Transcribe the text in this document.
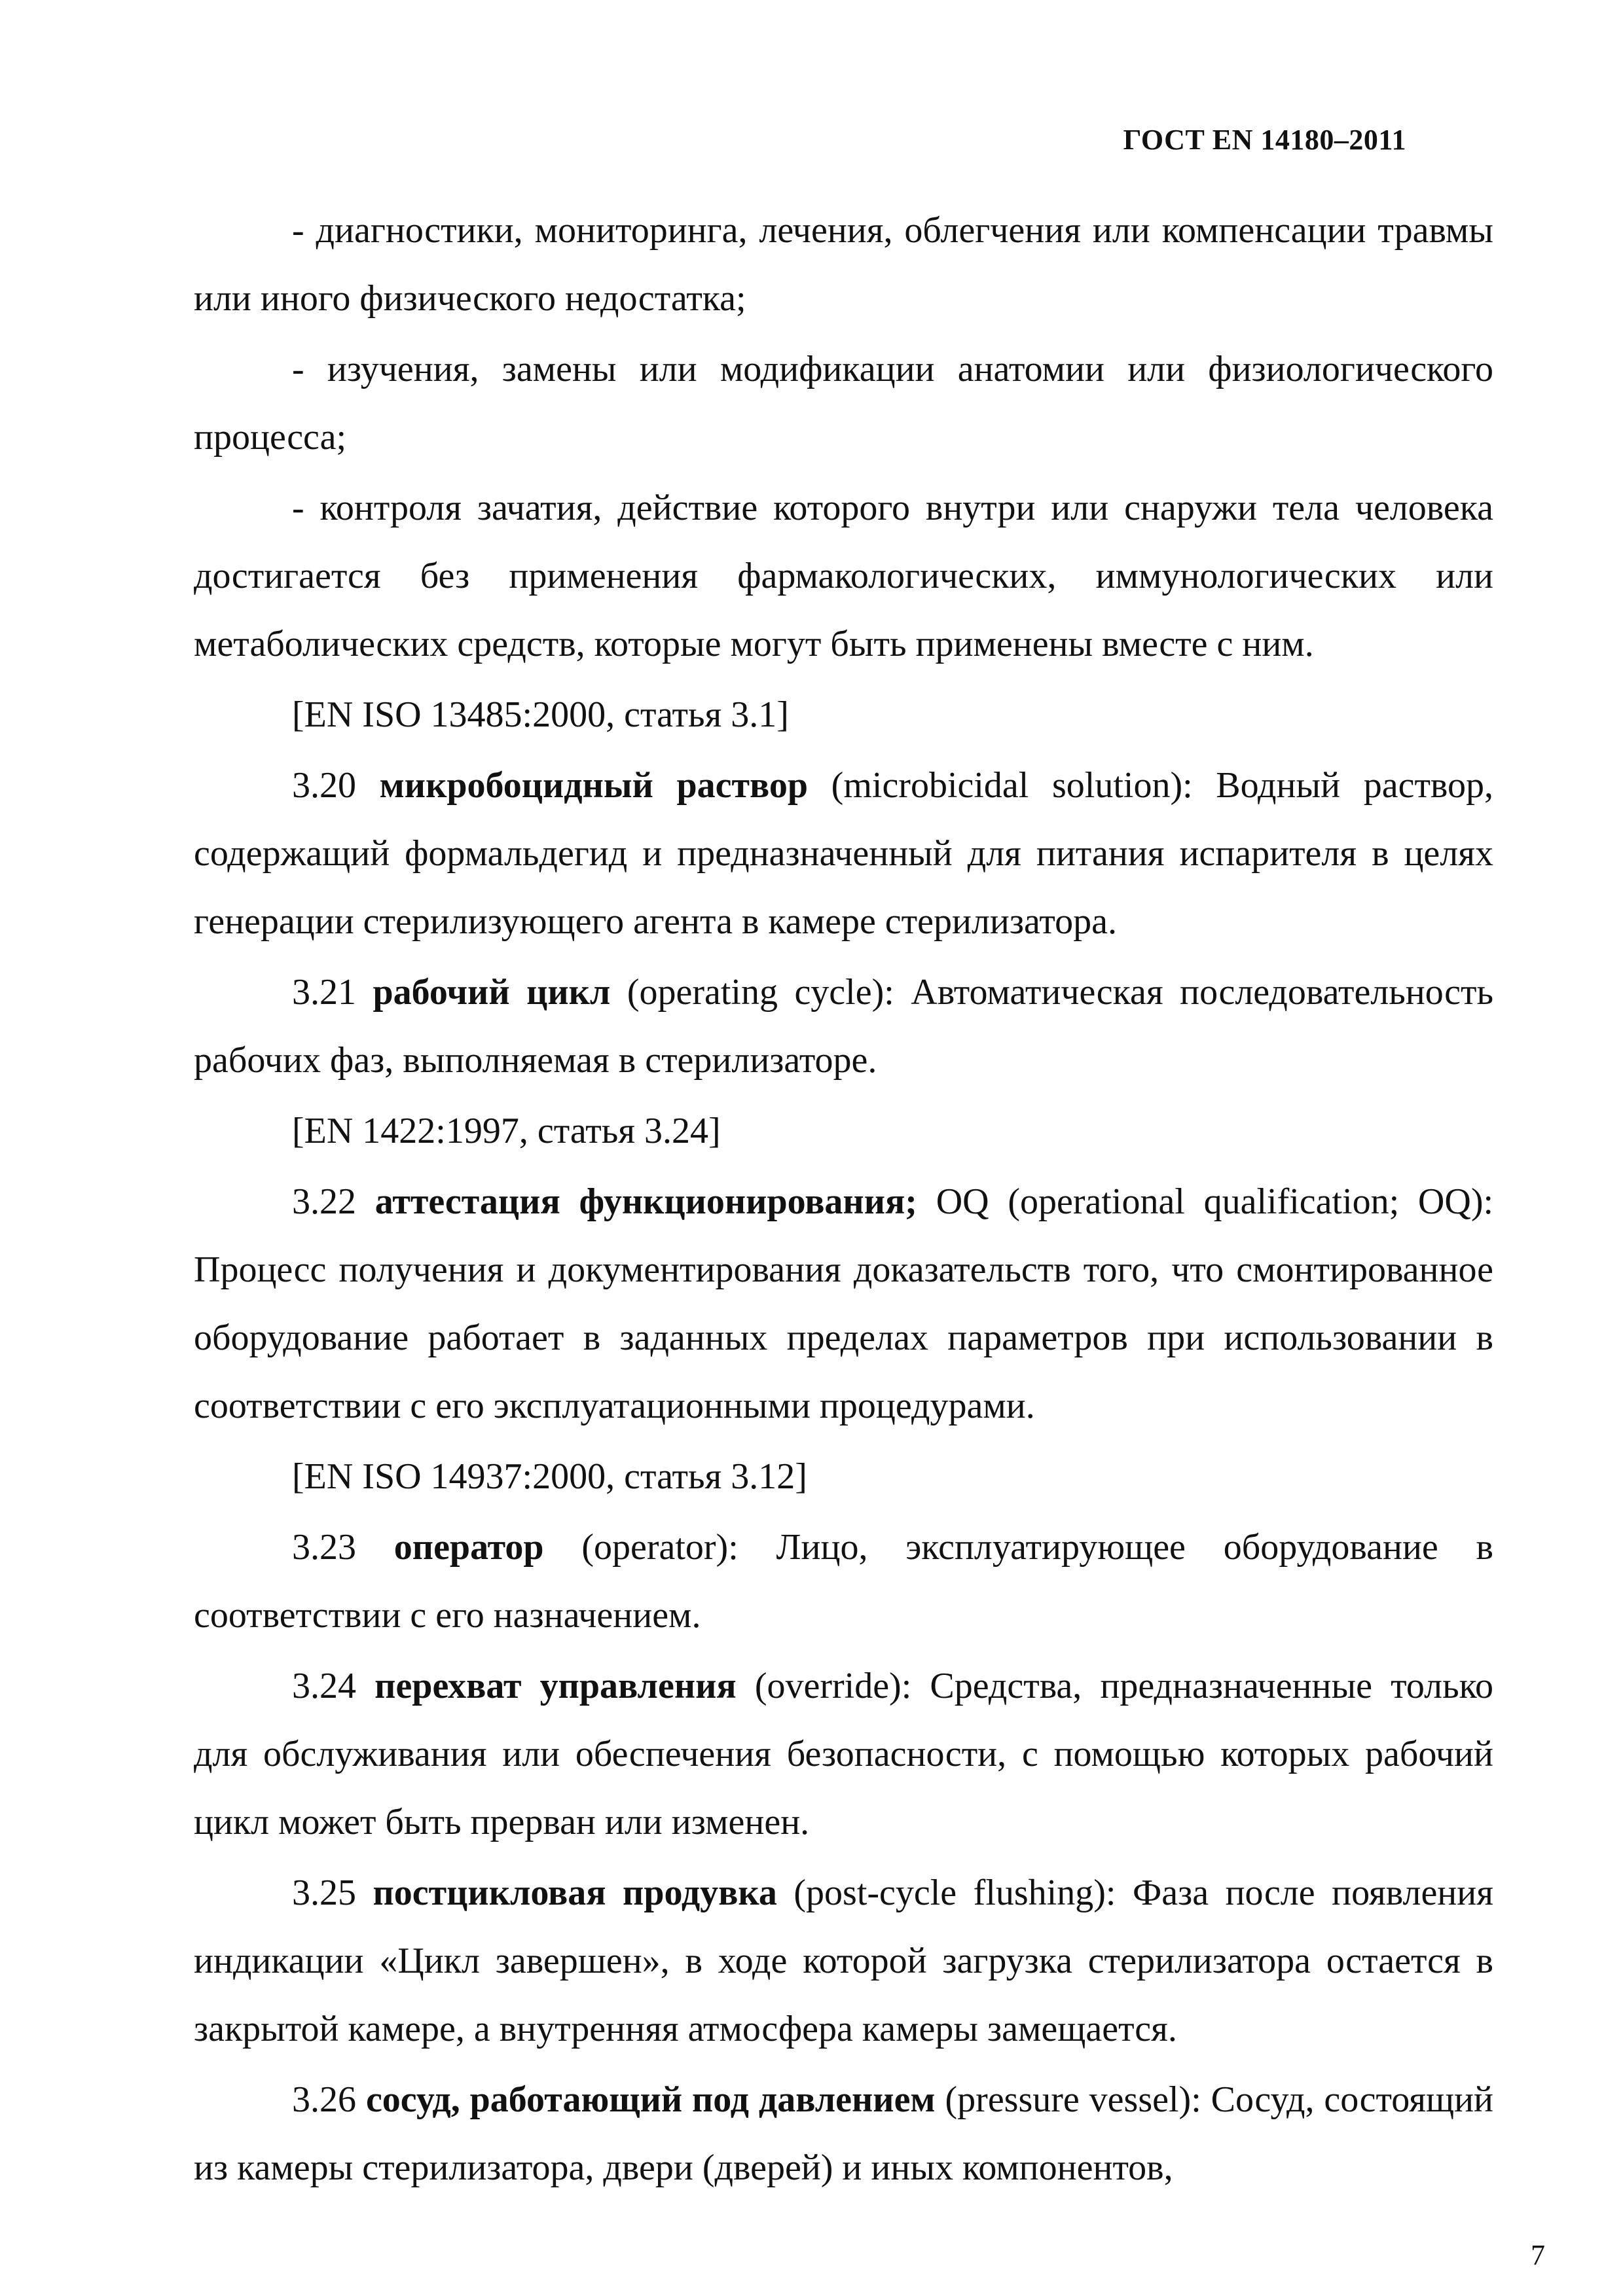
ГОСТ EN 14180–2011

- диагностики, мониторинга, лечения, облегчения или компенсации травмы или иного физического недостатка;

- изучения, замены или модификации анатомии или физиологического процесса;

- контроля зачатия, действие которого внутри или снаружи тела человека достигается без применения фармакологических, иммунологических или метаболических средств, которые могут быть применены вместе с ним.

[EN ISO 13485:2000, статья 3.1]

3.20 микробоцидный раствор (microbicidal solution): Водный раствор, содержащий формальдегид и предназначенный для питания испарителя в целях генерации стерилизующего агента в камере стерилизатора.

3.21 рабочий цикл (operating cycle): Автоматическая последовательность рабочих фаз, выполняемая в стерилизаторе.

[EN 1422:1997, статья 3.24]

3.22 аттестация функционирования; OQ (operational qualification; OQ): Процесс получения и документирования доказательств того, что смонтированное оборудование работает в заданных пределах параметров при использовании в соответствии с его эксплуатационными процедурами.

[EN ISO 14937:2000, статья 3.12]

3.23 оператор (operator): Лицо, эксплуатирующее оборудование в соответствии с его назначением.

3.24 перехват управления (override): Средства, предназначенные только для обслуживания или обеспечения безопасности, с помощью которых рабочий цикл может быть прерван или изменен.

3.25 постцикловая продувка (post-cycle flushing): Фаза после появления индикации «Цикл завершен», в ходе которой загрузка стерилизатора остается в закрытой камере, а внутренняя атмосфера камеры замещается.

3.26 сосуд, работающий под давлением (pressure vessel): Сосуд, состоящий из камеры стерилизатора, двери (дверей) и иных компонентов,

7
